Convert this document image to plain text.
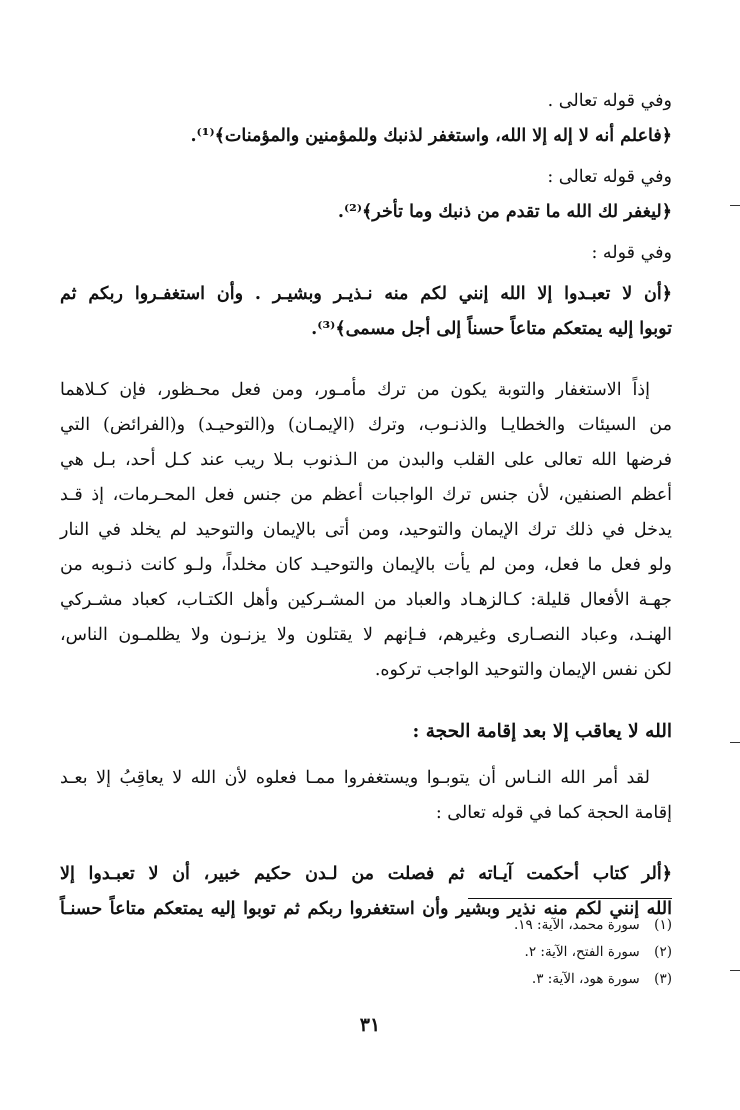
وفي قوله تعالى .

﴿فاعلم أنه لا إله إلا الله، واستغفر لذنبك وللمؤمنين والمؤمنات﴾⁽¹⁾.

وفي قوله تعالى :

﴿ليغفر لك الله ما تقدم من ذنبك وما تأخر﴾⁽²⁾.

وفي قوله :

﴿أن لا تعبـدوا إلا الله إنني لكم منه نـذيـر وبشيـر . وأن استغفـروا ربكم ثم

توبوا إليه يمتعكم متاعاً حسناً إلى أجل مسمى﴾⁽³⁾.

إذاً الاستغفار والتوبة يكون من ترك مأمـور، ومن فعل محـظور، فإن كـلاهما

من السيئات والخطايـا والذنـوب، وترك (الإيمـان) و(التوحيـد) و(الفرائض) التي

فرضها الله تعالى على القلب والبدن من الـذنوب بـلا ريب عند كـل أحد، بـل هي

أعظم الصنفين، لأن جنس ترك الواجبات أعظم من جنس فعل المحـرمات، إذ قـد

يدخل في ذلك ترك الإيمان والتوحيد، ومن أتى بالإيمان والتوحيد لم يخلد في النار

ولو فعل ما فعل، ومن لم يأت بالإيمان والتوحيـد كان مخلداً، ولـو كانت ذنـوبه من

جهـة الأفعال قليلة: كـالزهـاد والعباد من المشـركين وأهل الكتـاب، كعباد مشـركي

الهنـد، وعباد النصـارى وغيرهم، فـإنهم لا يقتلون ولا يزنـون ولا يظلمـون الناس،

لكن نفس الإيمان والتوحيد الواجب تركوه.

الله لا يعاقب إلا بعد إقامة الحجة :

لقد أمر الله النـاس أن يتوبـوا ويستغفروا ممـا فعلوه لأن الله لا يعاقِبُ إلا بعـد

إقامة الحجة كما في قوله تعالى :

﴿ألر كتاب أحكمت آيـاته ثم فصلت من لـدن حكيم خبير، أن لا تعبـدوا إلا

الله إنني لكم منه نذير وبشير وأن استغفروا ربكم ثم توبوا إليه يمتعكم متاعاً حسنـاً

(١) سورة محمد، الآية: ١٩.
(٢) سورة الفتح، الآية: ٢.
(٣) سورة هود، الآية: ٣.
٣١
